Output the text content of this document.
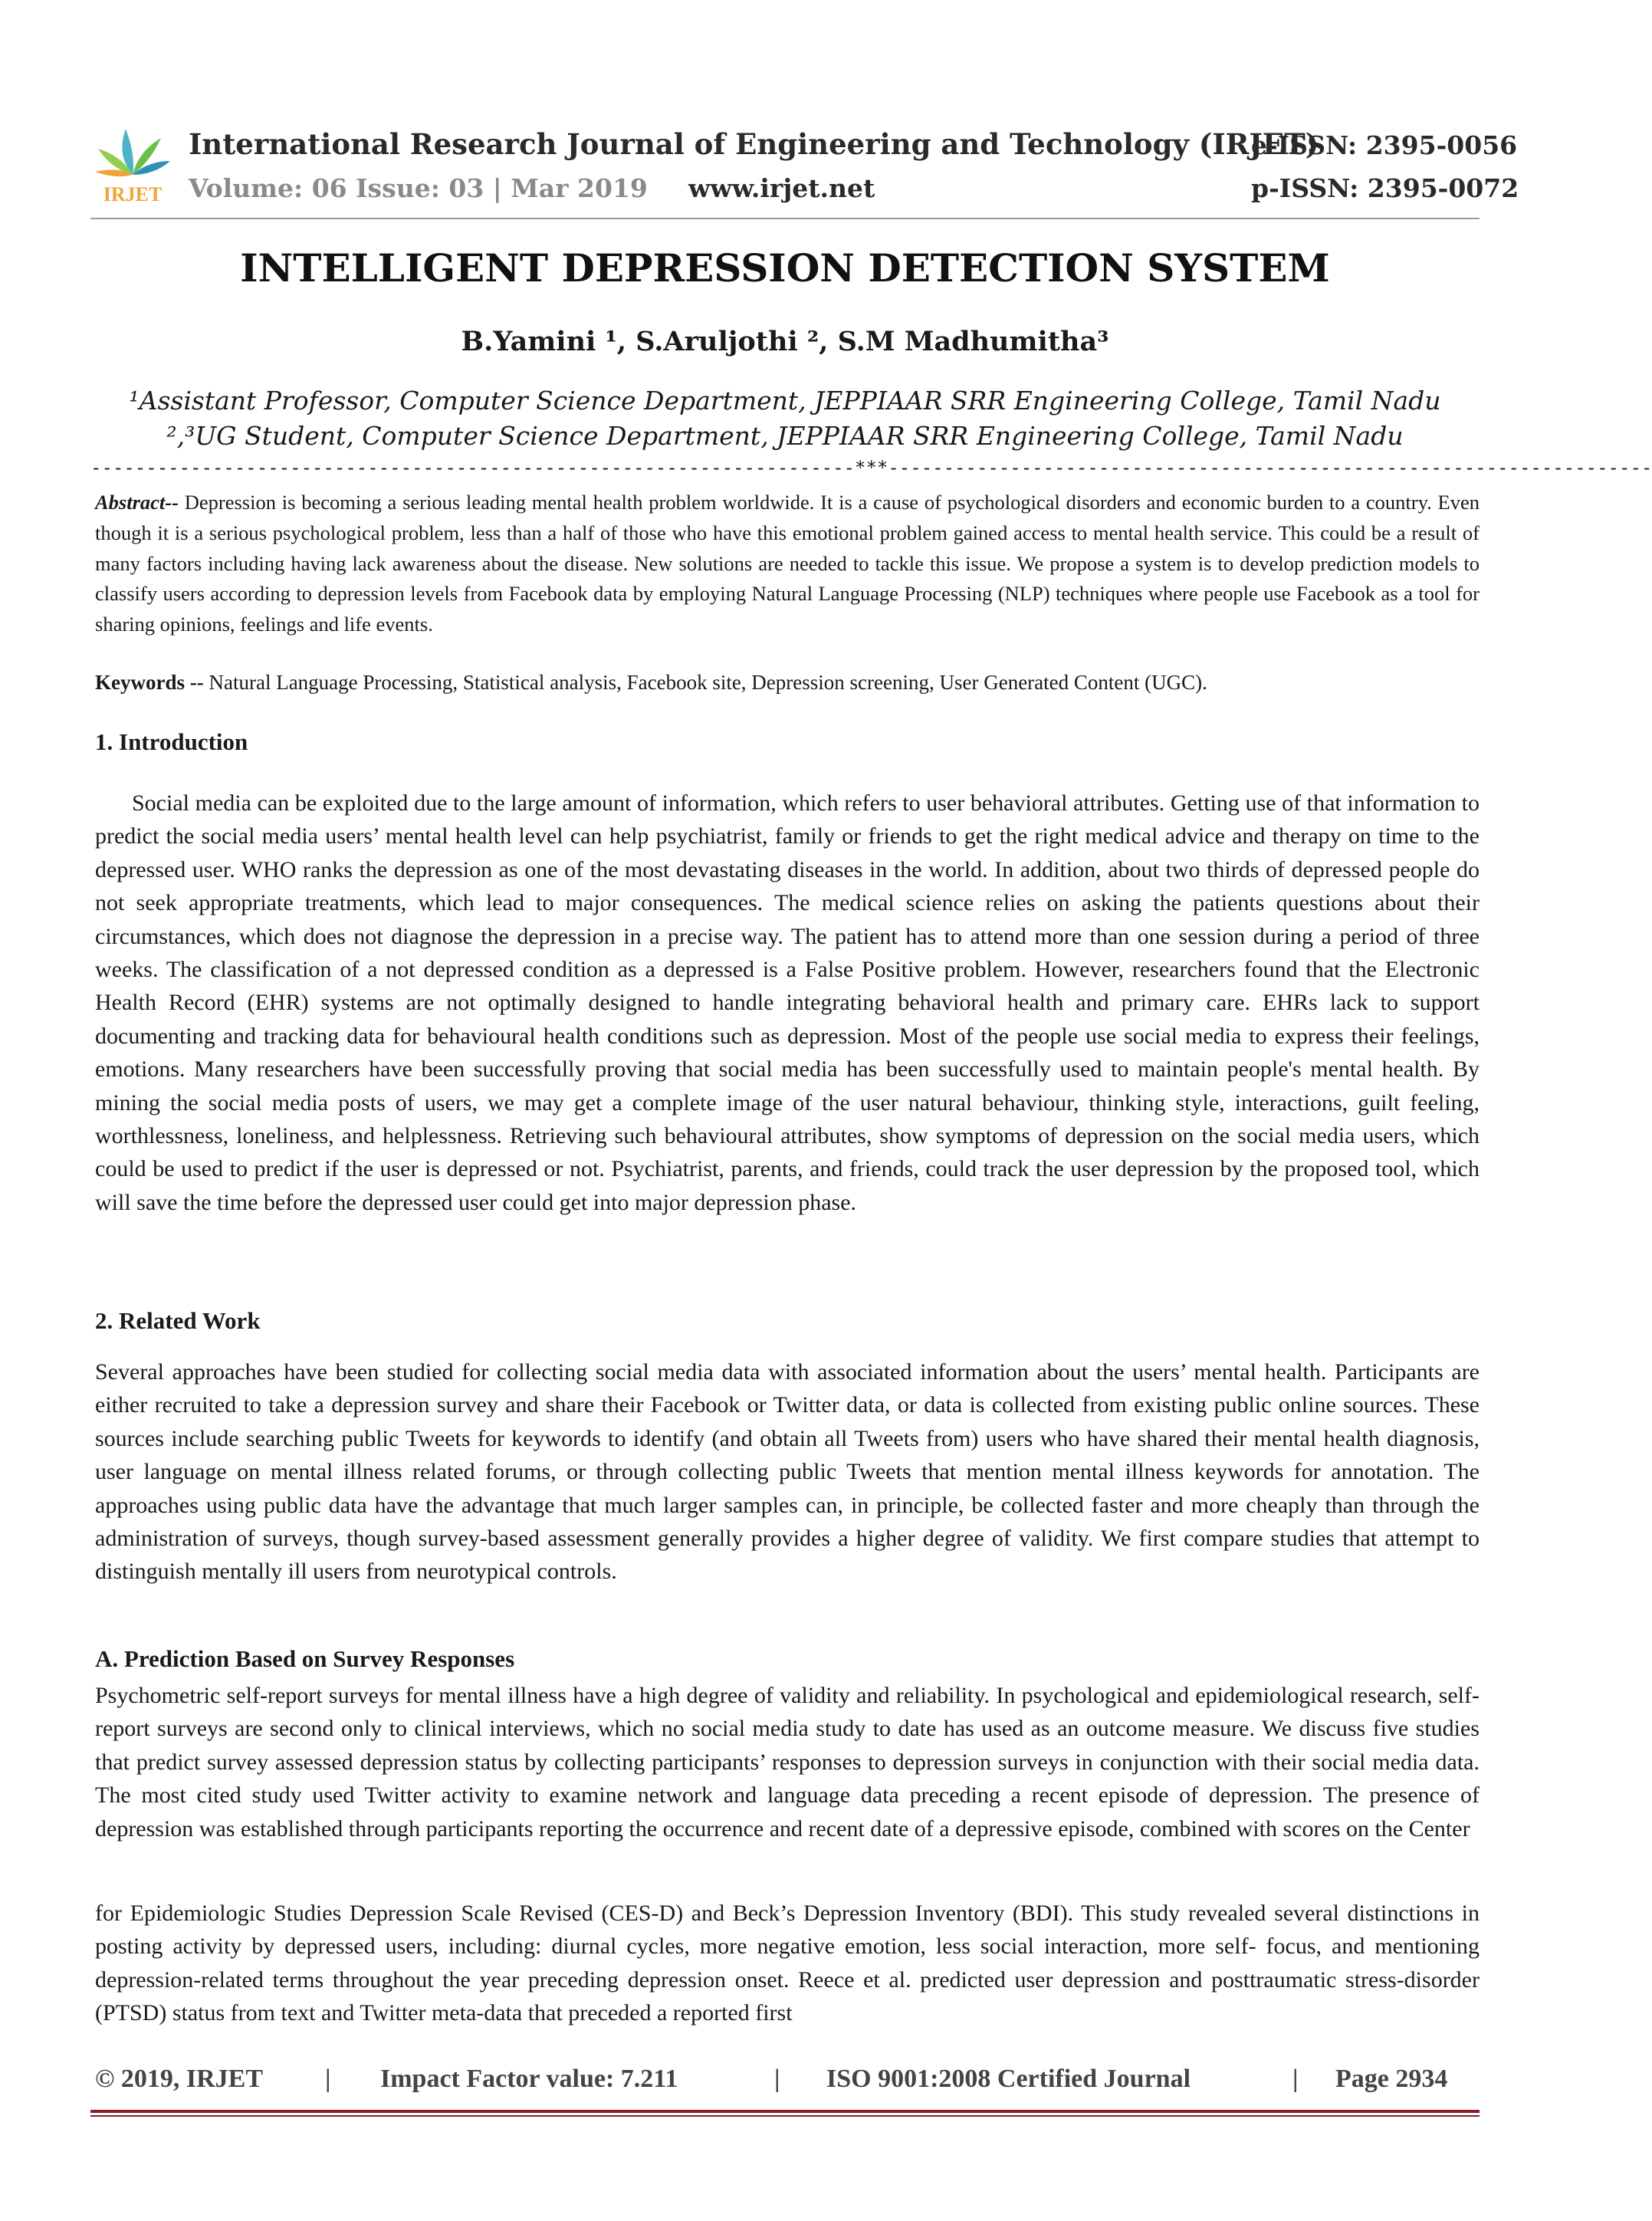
IRJET
International Research Journal of Engineering and Technology (IRJET)
e-ISSN: 2395-0056
Volume: 06 Issue: 03 | Mar 2019 www.irjet.net	p-ISSN: 2395-0072
INTELLIGENT DEPRESSION DETECTION SYSTEM
B.Yamini ¹, S.Aruljothi ², S.M Madhumitha³
¹Assistant Professor, Computer Science Department, JEPPIAAR SRR Engineering College, Tamil Nadu
²,³UG Student, Computer Science Department, JEPPIAAR SRR Engineering College, Tamil Nadu
---------------------------------------------------------------------***---------------------------------------------------------------------
Abstract-- Depression is becoming a serious leading mental health problem worldwide. It is a cause of psychological disorders and economic burden to a country. Even though it is a serious psychological problem, less than a half of those who have this emotional problem gained access to mental health service. This could be a result of many factors including having lack awareness about the disease. New solutions are needed to tackle this issue. We propose a system is to develop prediction models to classify users according to depression levels from Facebook data by employing Natural Language Processing (NLP) techniques where people use Facebook as a tool for sharing opinions, feelings and life events.
Keywords -- Natural Language Processing, Statistical analysis, Facebook site, Depression screening, User Generated Content (UGC).
1. Introduction
Social media can be exploited due to the large amount of information, which refers to user behavioral attributes. Getting use of that information to predict the social media users’ mental health level can help psychiatrist, family or friends to get the right medical advice and therapy on time to the depressed user. WHO ranks the depression as one of the most devastating diseases in the world. In addition, about two thirds of depressed people do not seek appropriate treatments, which lead to major consequences. The medical science relies on asking the patients questions about their circumstances, which does not diagnose the depression in a precise way. The patient has to attend more than one session during a period of three weeks. The classification of a not depressed condition as a depressed is a False Positive problem. However, researchers found that the Electronic Health Record (EHR) systems are not optimally designed to handle integrating behavioral health and primary care. EHRs lack to support documenting and tracking data for behavioural health conditions such as depression. Most of the people use social media to express their feelings, emotions. Many researchers have been successfully proving that social media has been successfully used to maintain people's mental health. By mining the social media posts of users, we may get a complete image of the user natural behaviour, thinking style, interactions, guilt feeling, worthlessness, loneliness, and helplessness. Retrieving such behavioural attributes, show symptoms of depression on the social media users, which could be used to predict if the user is depressed or not. Psychiatrist, parents, and friends, could track the user depression by the proposed tool, which will save the time before the depressed user could get into major depression phase.
2. Related Work
Several approaches have been studied for collecting social media data with associated information about the users’ mental health. Participants are either recruited to take a depression survey and share their Facebook or Twitter data, or data is collected from existing public online sources. These sources include searching public Tweets for keywords to identify (and obtain all Tweets from) users who have shared their mental health diagnosis, user language on mental illness related forums, or through collecting public Tweets that mention mental illness keywords for annotation. The approaches using public data have the advantage that much larger samples can, in principle, be collected faster and more cheaply than through the administration of surveys, though survey-based assessment generally provides a higher degree of validity. We first compare studies that attempt to distinguish mentally ill users from neurotypical controls.
A. Prediction Based on Survey Responses
Psychometric self-report surveys for mental illness have a high degree of validity and reliability. In psychological and epidemiological research, self- report surveys are second only to clinical interviews, which no social media study to date has used as an outcome measure. We discuss five studies that predict survey assessed depression status by collecting participants’ responses to depression surveys in conjunction with their social media data. The most cited study used Twitter activity to examine network and language data preceding a recent episode of depression. The presence of depression was established through participants reporting the occurrence and recent date of a depressive episode, combined with scores on the Center
for Epidemiologic Studies Depression Scale Revised (CES-D) and Beck’s Depression Inventory (BDI). This study revealed several distinctions in posting activity by depressed users, including: diurnal cycles, more negative emotion, less social interaction, more self- focus, and mentioning depression-related terms throughout the year preceding depression onset. Reece et al. predicted user depression and posttraumatic stress-disorder (PTSD) status from text and Twitter meta-data that preceded a reported first
© 2019, IRJET | Impact Factor value: 7.211	| ISO 9001:2008 Certified Journal	| Page 2934
